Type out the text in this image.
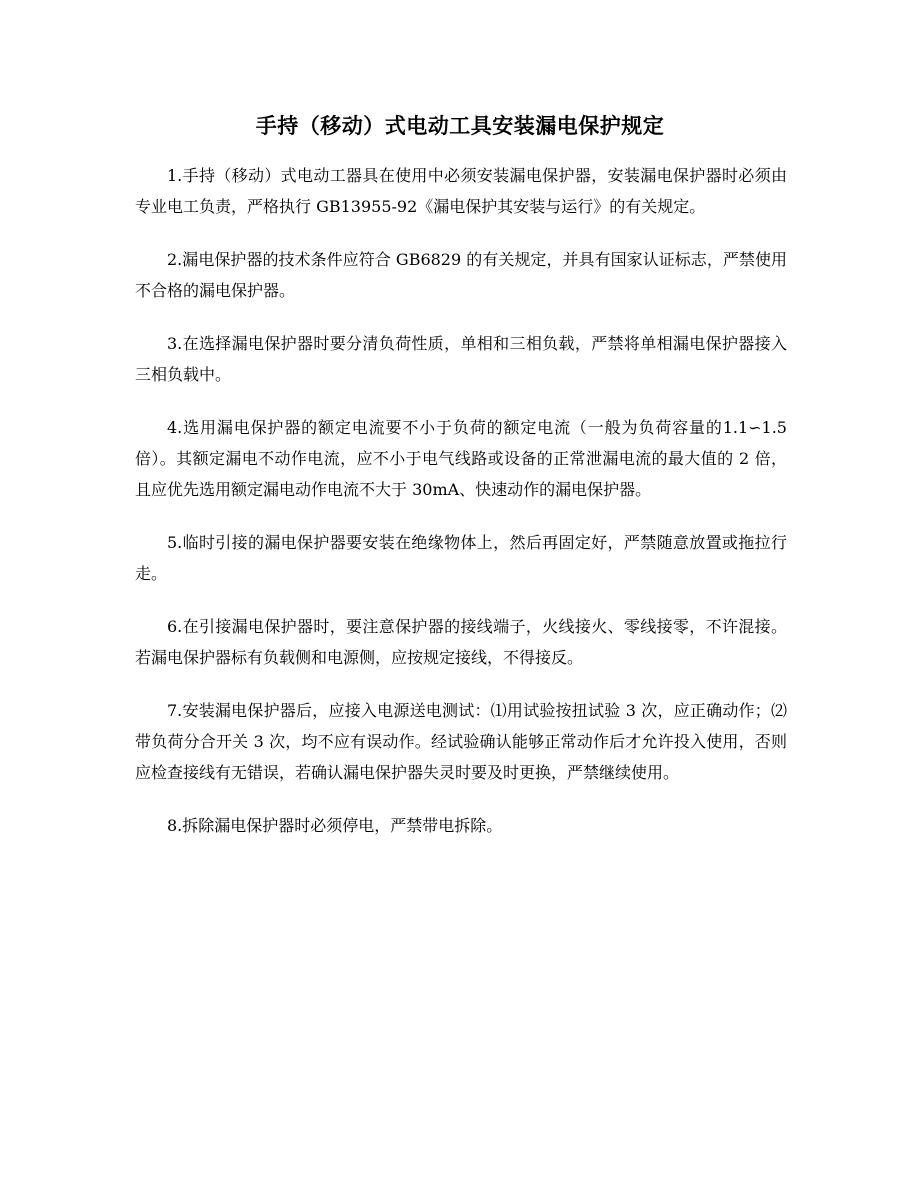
手持（移动）式电动工具安装漏电保护规定

1.手持（移动）式电动工器具在使用中必须安装漏电保护器，安装漏电保护器时必须由专业电工负责，严格执行 GB13955-92《漏电保护其安装与运行》的有关规定。

2.漏电保护器的技术条件应符合 GB6829 的有关规定，并具有国家认证标志，严禁使用不合格的漏电保护器。

3.在选择漏电保护器时要分清负荷性质，单相和三相负载，严禁将单相漏电保护器接入三相负载中。

4.选用漏电保护器的额定电流要不小于负荷的额定电流（一般为负荷容量的1.1∽1.5 倍）。其额定漏电不动作电流，应不小于电气线路或设备的正常泄漏电流的最大值的 2 倍，且应优先选用额定漏电动作电流不大于 30mA、快速动作的漏电保护器。

5.临时引接的漏电保护器要安装在绝缘物体上，然后再固定好，严禁随意放置或拖拉行走。

6.在引接漏电保护器时，要注意保护器的接线端子，火线接火、零线接零，不许混接。若漏电保护器标有负载侧和电源侧，应按规定接线，不得接反。

7.安装漏电保护器后，应接入电源送电测试：⑴用试验按扭试验 3 次，应正确动作；⑵带负荷分合开关 3 次，均不应有误动作。经试验确认能够正常动作后才允许投入使用，否则应检查接线有无错误，若确认漏电保护器失灵时要及时更换，严禁继续使用。

8.拆除漏电保护器时必须停电，严禁带电拆除。
